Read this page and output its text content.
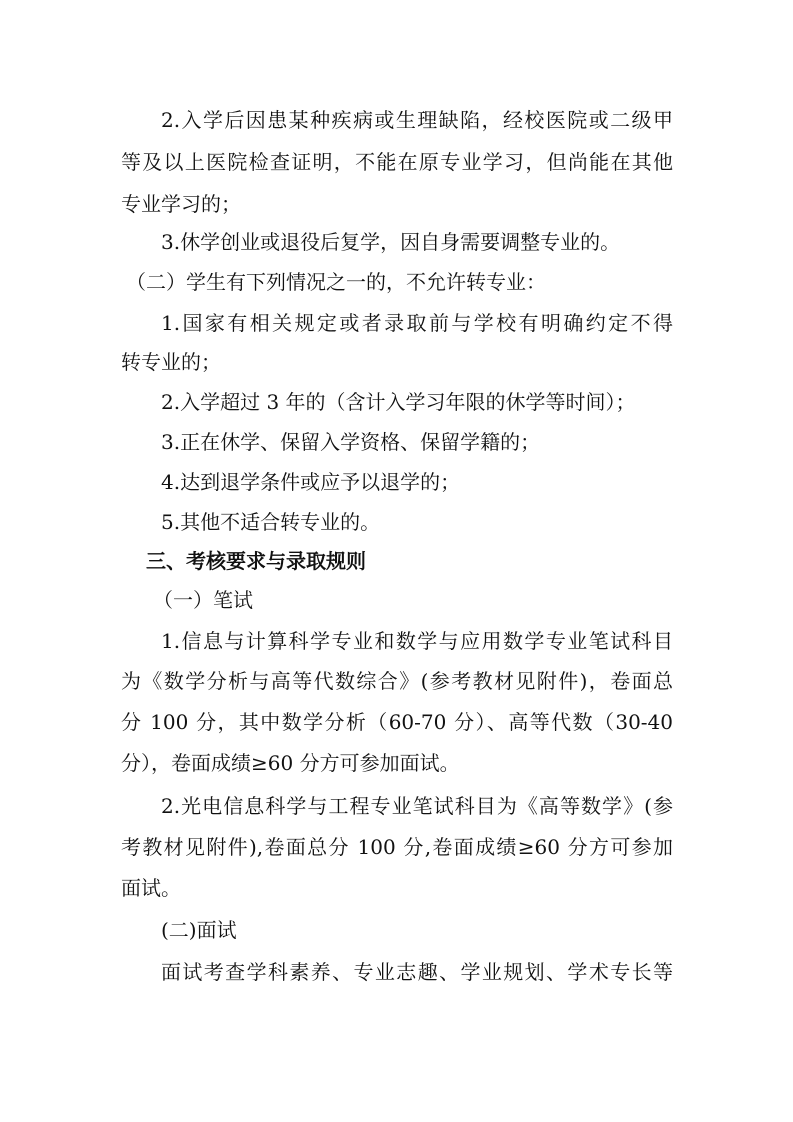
2.入学后因患某种疾病或生理缺陷，经校医院或二级甲
等及以上医院检查证明，不能在原专业学习，但尚能在其他
专业学习的；
3.休学创业或退役后复学，因自身需要调整专业的。
（二）学生有下列情况之一的，不允许转专业：
1.国家有相关规定或者录取前与学校有明确约定不得
转专业的；
2.入学超过 3 年的（含计入学习年限的休学等时间）；
3.正在休学、保留入学资格、保留学籍的；
4.达到退学条件或应予以退学的；
5.其他不适合转专业的。
三、考核要求与录取规则
（一）笔试
1.信息与计算科学专业和数学与应用数学专业笔试科目
为《数学分析与高等代数综合》(参考教材见附件)，卷面总
分 100 分，其中数学分析（60-70 分）、高等代数（30-40
分），卷面成绩≥60 分方可参加面试。
2.光电信息科学与工程专业笔试科目为《高等数学》(参
考教材见附件),卷面总分 100 分,卷面成绩≥60 分方可参加
面试。
(二)面试
面试考查学科素养、专业志趣、学业规划、学术专长等
